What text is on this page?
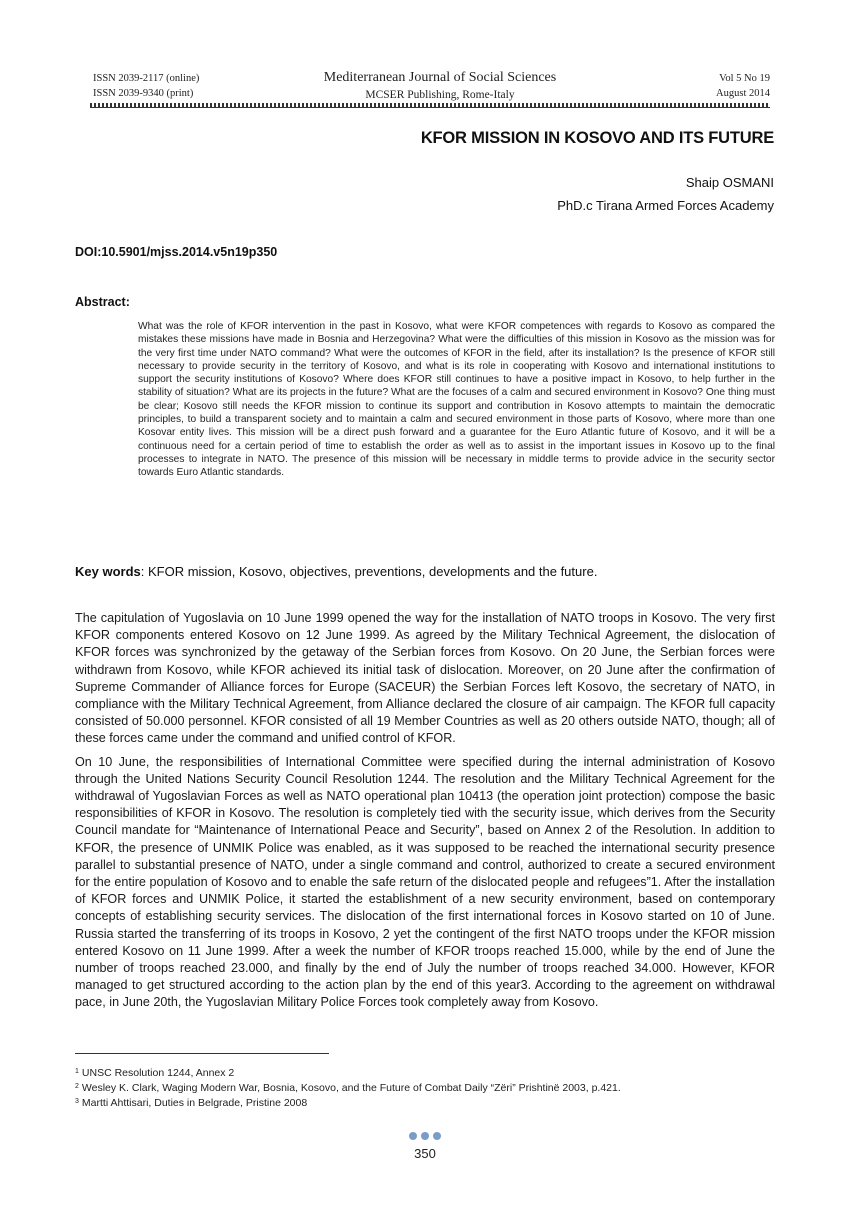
ISSN 2039-2117 (online)
ISSN 2039-9340 (print)
Mediterranean Journal of Social Sciences
MCSER Publishing, Rome-Italy
Vol 5 No 19
August 2014
KFOR MISSION IN KOSOVO AND ITS FUTURE
Shaip OSMANI
PhD.c Tirana Armed Forces Academy
DOI:10.5901/mjss.2014.v5n19p350
Abstract:
What was the role of KFOR intervention in the past in Kosovo, what were KFOR competences with regards to Kosovo as compared the mistakes these missions have made in Bosnia and Herzegovina? What were the difficulties of this mission in Kosovo as the mission was for the very first time under NATO command? What were the outcomes of KFOR in the field, after its installation? Is the presence of KFOR still necessary to provide security in the territory of Kosovo, and what is its role in cooperating with Kosovo and international institutions to support the security institutions of Kosovo? Where does KFOR still continues to have a positive impact in Kosovo, to help further in the stability of situation? What are its projects in the future? What are the focuses of a calm and secured environment in Kosovo? One thing must be clear; Kosovo still needs the KFOR mission to continue its support and contribution in Kosovo attempts to maintain the democratic principles, to build a transparent society and to maintain a calm and secured environment in those parts of Kosovo, where more than one Kosovar entity lives. This mission will be a direct push forward and a guarantee for the Euro Atlantic future of Kosovo, and it will be a continuous need for a certain period of time to establish the order as well as to assist in the important issues in Kosovo up to the final processes to integrate in NATO. The presence of this mission will be necessary in middle terms to provide advice in the security sector towards Euro Atlantic standards.
Key words: KFOR mission, Kosovo, objectives, preventions, developments and the future.

The capitulation of Yugoslavia on 10 June 1999 opened the way for the installation of NATO troops in Kosovo. The very first KFOR components entered Kosovo on 12 June 1999. As agreed by the Military Technical Agreement, the dislocation of KFOR forces was synchronized by the getaway of the Serbian forces from Kosovo. On 20 June, the Serbian forces were withdrawn from Kosovo, while KFOR achieved its initial task of dislocation. Moreover, on 20 June after the confirmation of Supreme Commander of Alliance forces for Europe (SACEUR) the Serbian Forces left Kosovo, the secretary of NATO, in compliance with the Military Technical Agreement, from Alliance declared the closure of air campaign. The KFOR full capacity consisted of 50.000 personnel. KFOR consisted of all 19 Member Countries as well as 20 others outside NATO, though; all of these forces came under the command and unified control of KFOR.

On 10 June, the responsibilities of International Committee were specified during the internal administration of Kosovo through the United Nations Security Council Resolution 1244. The resolution and the Military Technical Agreement for the withdrawal of Yugoslavian Forces as well as NATO operational plan 10413 (the operation joint protection) compose the basic responsibilities of KFOR in Kosovo. The resolution is completely tied with the security issue, which derives from the Security Council mandate for “Maintenance of International Peace and Security”, based on Annex 2 of the Resolution. In addition to KFOR, the presence of UNMIK Police was enabled, as it was supposed to be reached the international security presence parallel to substantial presence of NATO, under a single command and control, authorized to create a secured environment for the entire population of Kosovo and to enable the safe return of the dislocated people and refugees”1. After the installation of KFOR forces and UNMIK Police, it started the establishment of a new security environment, based on contemporary concepts of establishing security services. The dislocation of the first international forces in Kosovo started on 10 of June. Russia started the transferring of its troops in Kosovo, 2 yet the contingent of the first NATO troops under the KFOR mission entered Kosovo on 11 June 1999. After a week the number of KFOR troops reached 15.000, while by the end of June the number of troops reached 23.000, and finally by the end of July the number of troops reached 34.000. However, KFOR managed to get structured according to the action plan by the end of this year3. According to the agreement on withdrawal pace, in June 20th, the Yugoslavian Military Police Forces took completely away from Kosovo.

$^1$ UNSC Resolution 1244, Annex 2
$^2$ Wesley K. Clark, Waging Modern War, Bosnia, Kosovo, and the Future of Combat Daily “Zëri” Prishtinë 2003, p.421.
$^3$ Martti Ahttisari, Duties in Belgrade, Pristine 2008
350
